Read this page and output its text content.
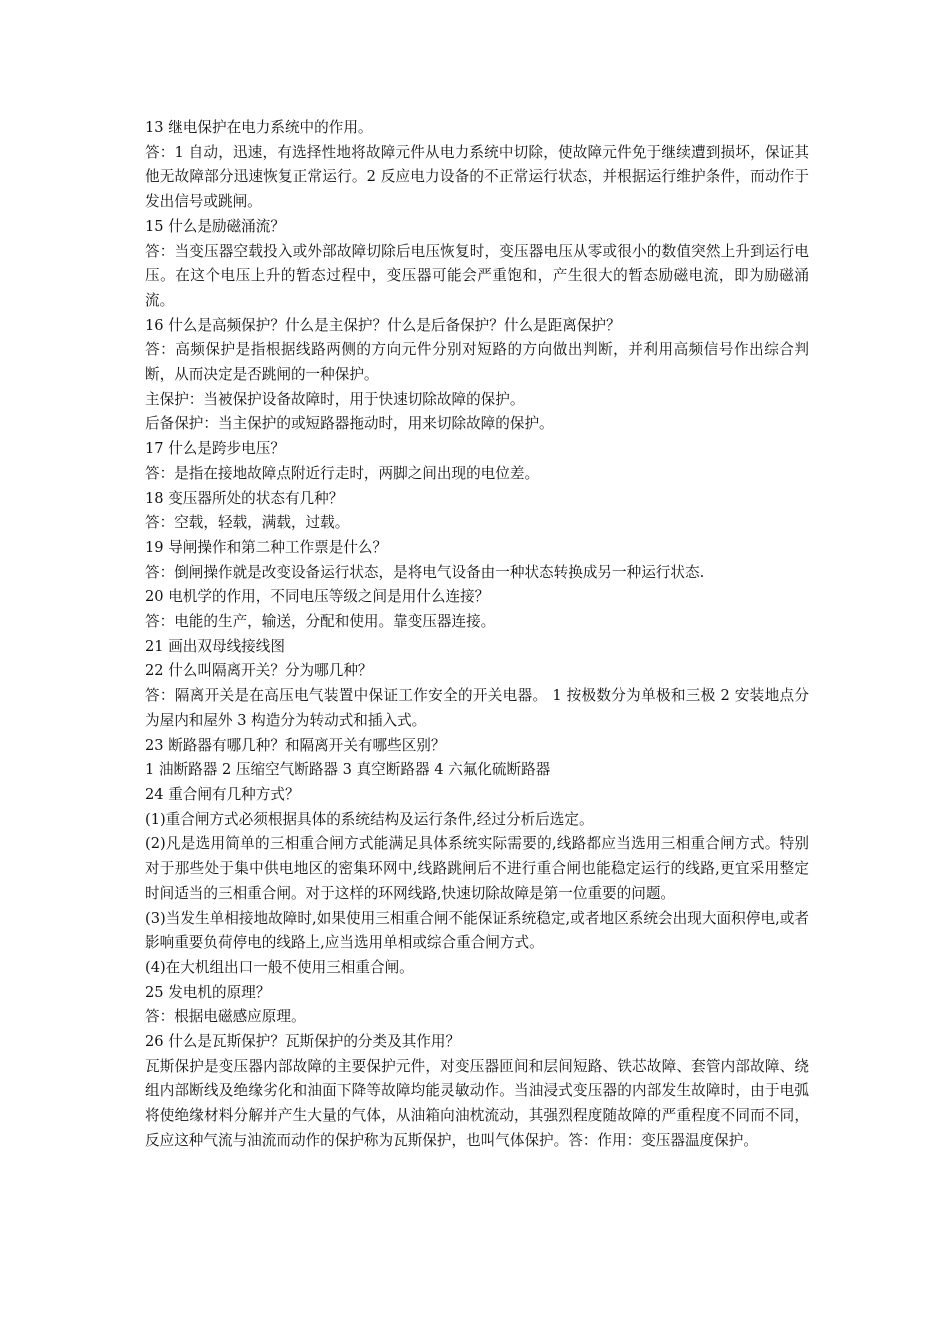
13 继电保护在电力系统中的作用。

答：1 自动，迅速，有选择性地将故障元件从电力系统中切除，使故障元件免于继续遭到损坏，保证其他无故障部分迅速恢复正常运行。2 反应电力设备的不正常运行状态，并根据运行维护条件，而动作于发出信号或跳闸。

15 什么是励磁涌流？

答：当变压器空载投入或外部故障切除后电压恢复时，变压器电压从零或很小的数值突然上升到运行电压。在这个电压上升的暂态过程中，变压器可能会严重饱和，产生很大的暂态励磁电流，即为励磁涌流。

16 什么是高频保护？什么是主保护？什么是后备保护？什么是距离保护？

答：高频保护是指根据线路两侧的方向元件分别对短路的方向做出判断，并利用高频信号作出综合判断，从而决定是否跳闸的一种保护。

主保护：当被保护设备故障时，用于快速切除故障的保护。

后备保护：当主保护的或短路器拖动时，用来切除故障的保护。

17 什么是跨步电压？

答：是指在接地故障点附近行走时，两脚之间出现的电位差。

18 变压器所处的状态有几种？

答：空载，轻载，满载，过载。

19 导闸操作和第二种工作票是什么？

答：倒闸操作就是改变设备运行状态，是将电气设备由一种状态转换成另一种运行状态.

20 电机学的作用，不同电压等级之间是用什么连接？

答：电能的生产，输送，分配和使用。靠变压器连接。

21 画出双母线接线图

22 什么叫隔离开关？分为哪几种？

答：隔离开关是在高压电气装置中保证工作安全的开关电器。 1 按极数分为单极和三极 2 安装地点分为屋内和屋外 3 构造分为转动式和插入式。

23 断路器有哪几种？和隔离开关有哪些区别？

1 油断路器 2 压缩空气断路器 3 真空断路器 4 六氟化硫断路器

24 重合闸有几种方式？

(1)重合闸方式必须根据具体的系统结构及运行条件,经过分析后选定。

(2)凡是选用简单的三相重合闸方式能满足具体系统实际需要的,线路都应当选用三相重合闸方式。特别对于那些处于集中供电地区的密集环网中,线路跳闸后不进行重合闸也能稳定运行的线路,更宜采用整定时间适当的三相重合闸。对于这样的环网线路,快速切除故障是第一位重要的问题。

(3)当发生单相接地故障时,如果使用三相重合闸不能保证系统稳定,或者地区系统会出现大面积停电,或者影响重要负荷停电的线路上,应当选用单相或综合重合闸方式。

(4)在大机组出口一般不使用三相重合闸。

25 发电机的原理？

答：根据电磁感应原理。

26 什么是瓦斯保护？瓦斯保护的分类及其作用？

瓦斯保护是变压器内部故障的主要保护元件，对变压器匝间和层间短路、铁芯故障、套管内部故障、绕组内部断线及绝缘劣化和油面下降等故障均能灵敏动作。当油浸式变压器的内部发生故障时，由于电弧将使绝缘材料分解并产生大量的气体，从油箱向油枕流动，其强烈程度随故障的严重程度不同而不同，反应这种气流与油流而动作的保护称为瓦斯保护，也叫气体保护。答：作用：变压器温度保护。
